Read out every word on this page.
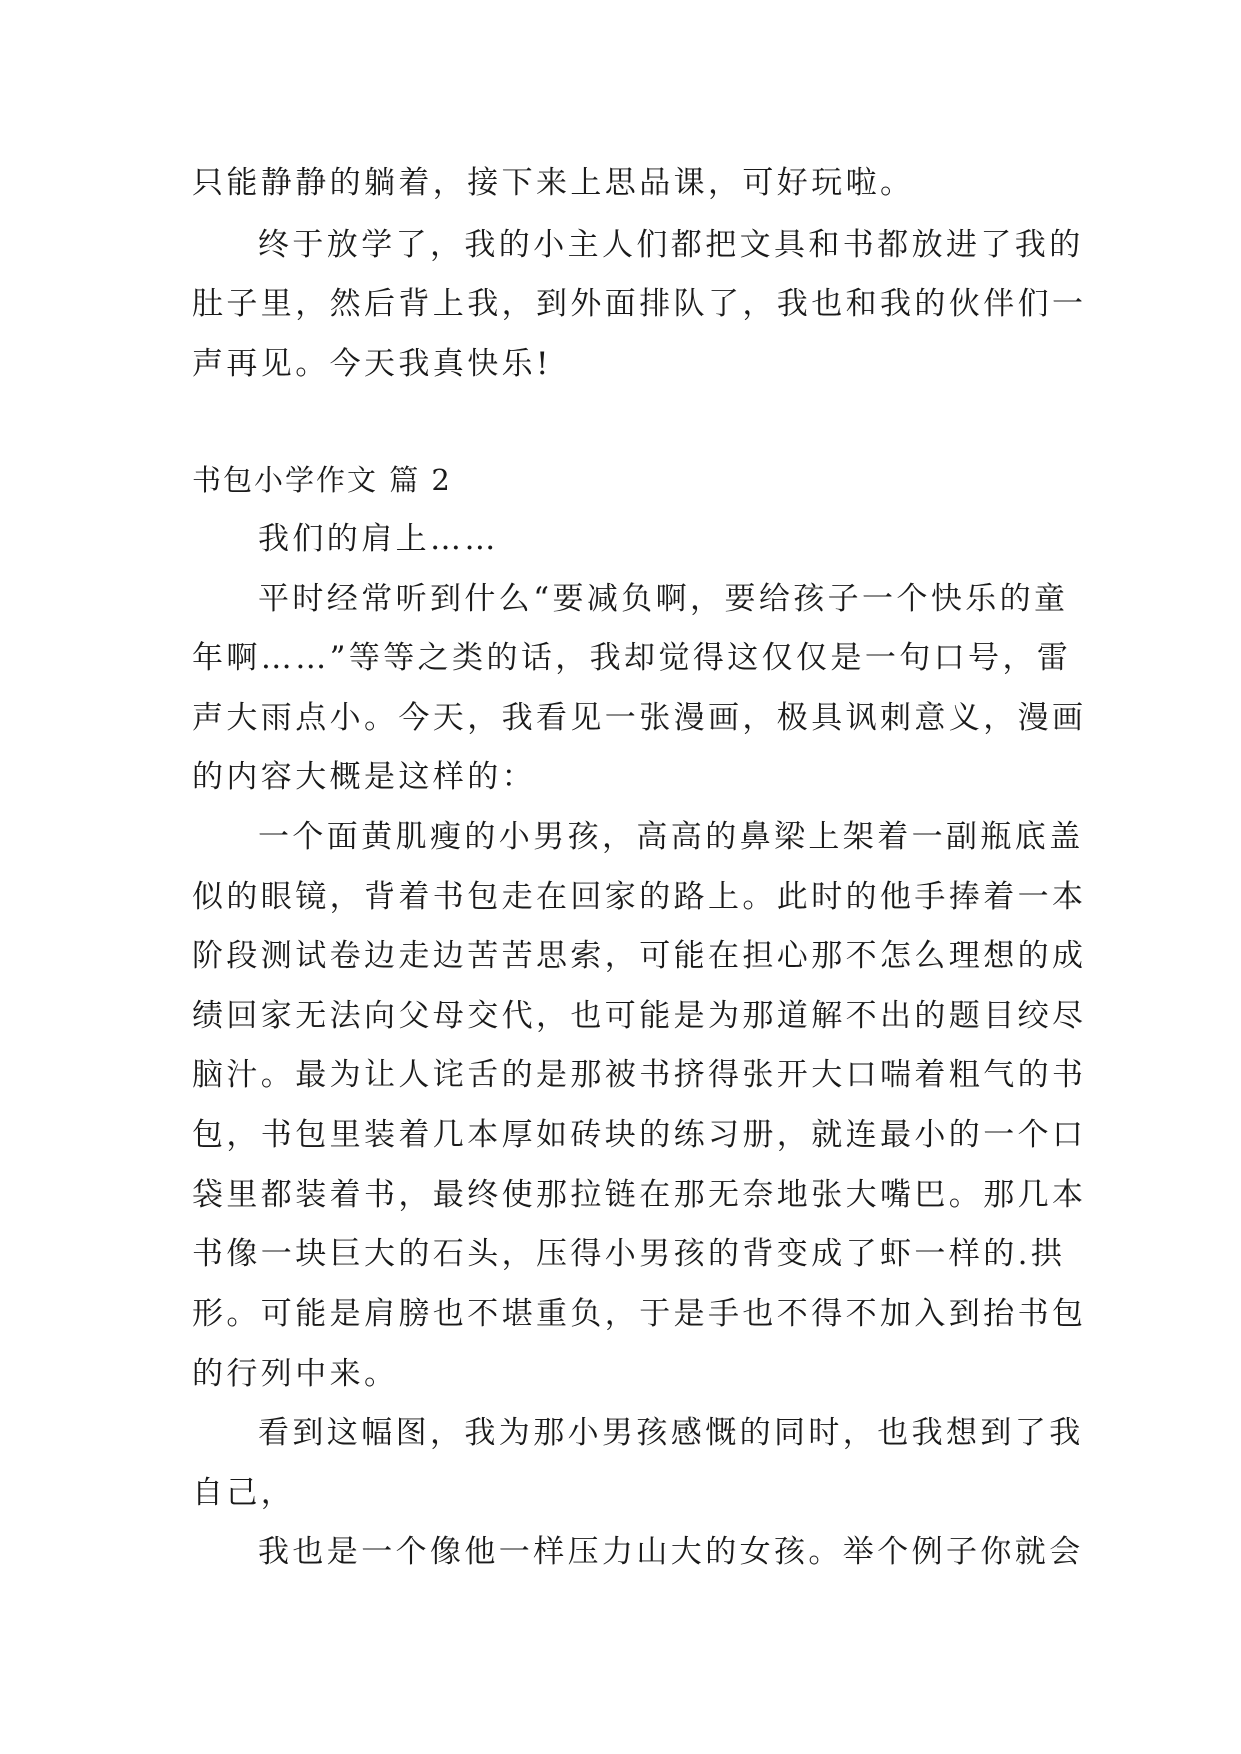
只能静静的躺着，接下来上思品课，可好玩啦。
终于放学了，我的小主人们都把文具和书都放进了我的
肚子里，然后背上我，到外面排队了，我也和我的伙伴们一
声再见。今天我真快乐!
书包小学作文 篇 2
我们的肩上……
平时经常听到什么“要减负啊，要给孩子一个快乐的童
年啊……”等等之类的话，我却觉得这仅仅是一句口号，雷
声大雨点小。今天，我看见一张漫画，极具讽刺意义，漫画
的内容大概是这样的：
一个面黄肌瘦的小男孩，高高的鼻梁上架着一副瓶底盖
似的眼镜，背着书包走在回家的路上。此时的他手捧着一本
阶段测试卷边走边苦苦思索，可能在担心那不怎么理想的成
绩回家无法向父母交代，也可能是为那道解不出的题目绞尽
脑汁。最为让人诧舌的是那被书挤得张开大口喘着粗气的书
包，书包里装着几本厚如砖块的练习册，就连最小的一个口
袋里都装着书，最终使那拉链在那无奈地张大嘴巴。那几本
书像一块巨大的石头，压得小男孩的背变成了虾一样的.拱
形。可能是肩膀也不堪重负，于是手也不得不加入到抬书包
的行列中来。
看到这幅图，我为那小男孩感慨的同时，也我想到了我
自己，
我也是一个像他一样压力山大的女孩。举个例子你就会
